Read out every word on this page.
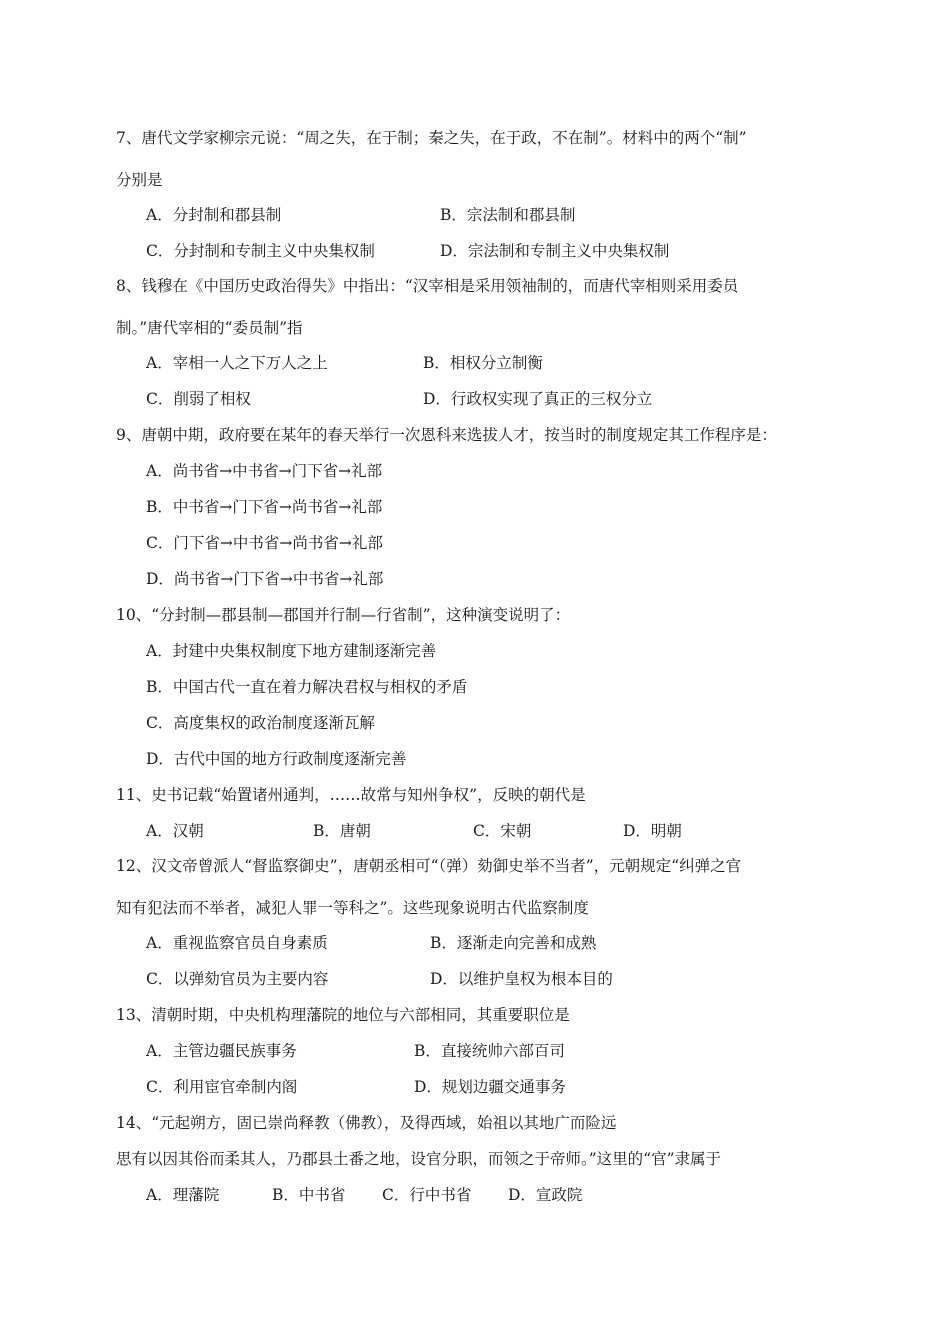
7、唐代文学家柳宗元说：“周之失，在于制；秦之失，在于政，不在制”。材料中的两个“制”
分别是
A．分封制和郡县制	B．宗法制和郡县制
C．分封制和专制主义中央集权制	D．宗法制和专制主义中央集权制
8、钱穆在《中国历史政治得失》中指出：“汉宰相是采用领袖制的，而唐代宰相则采用委员
制。”唐代宰相的“委员制”指
A．宰相一人之下万人之上	B．相权分立制衡
C．削弱了相权	D．行政权实现了真正的三权分立
9、唐朝中期，政府要在某年的春天举行一次恩科来选拔人才，按当时的制度规定其工作程序是：
A．尚书省→中书省→门下省→礼部
B．中书省→门下省→尚书省→礼部
C．门下省→中书省→尚书省→礼部
D．尚书省→门下省→中书省→礼部
10、“分封制—郡县制—郡国并行制—行省制”，这种演变说明了：
A．封建中央集权制度下地方建制逐渐完善
B．中国古代一直在着力解决君权与相权的矛盾
C．高度集权的政治制度逐渐瓦解
D．古代中国的地方行政制度逐渐完善
11、史书记载“始置诸州通判，……故常与知州争权”，反映的朝代是
A．汉朝	B．唐朝	C．宋朝	D．明朝
12、汉文帝曾派人“督监察御史”，唐朝丞相可“（弹）劾御史举不当者”，元朝规定“纠弹之官
知有犯法而不举者，减犯人罪一等科之”。这些现象说明古代监察制度
A．重视监察官员自身素质	B．逐渐走向完善和成熟
C．以弹劾官员为主要内容	D．以维护皇权为根本目的
13、清朝时期，中央机构理藩院的地位与六部相同，其重要职位是
A．主管边疆民族事务	B．直接统帅六部百司
C．利用宦官牵制内阁	D．规划边疆交通事务
14、“元起朔方，固已崇尚释教（佛教），及得西域，始祖以其地广而险远
思有以因其俗而柔其人，乃郡县土番之地，设官分职，而领之于帝师。”这里的“官”隶属于
A．理藩院	B．中书省 C．行中书省 D．宣政院
